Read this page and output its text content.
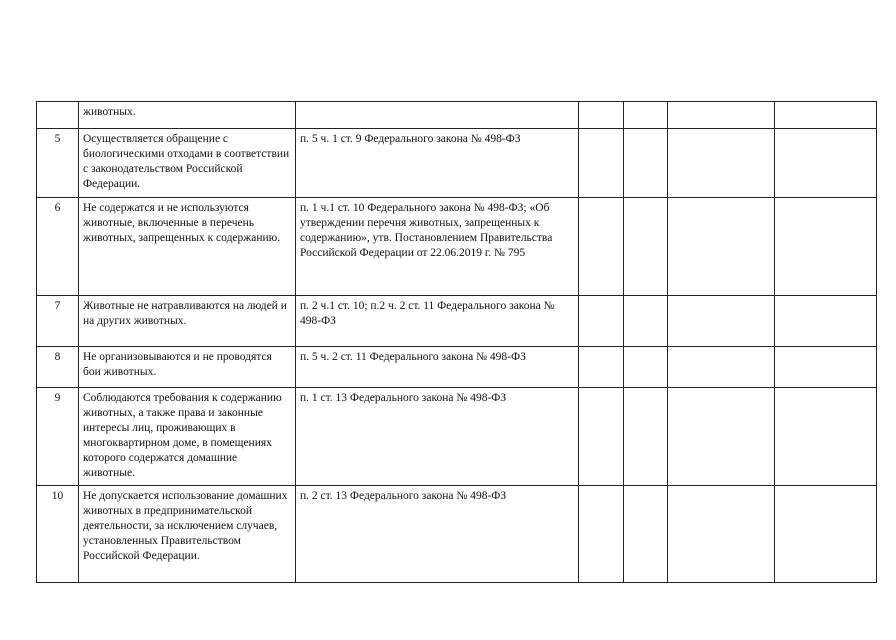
	животных.					
5	Осуществляется обращение с биологическими отходами в соответствии с законодательством Российской Федерации.	п. 5 ч. 1 ст. 9 Федерального закона № 498-ФЗ				
6	Не содержатся и не используются животные, включенные в перечень животных, запрещенных к содержанию.	п. 1 ч.1 ст. 10 Федерального закона № 498-ФЗ; «Об утверждении перечня животных, запрещенных к содержанию», утв. Постановлением Правительства Российской Федерации от 22.06.2019 г. № 795				
7	Животные не натравливаются на людей и на других животных.	п. 2 ч.1 ст. 10; п.2 ч. 2 ст. 11 Федерального закона № 498-ФЗ				
8	Не организовываются и не проводятся бои животных.	п. 5 ч. 2 ст. 11 Федерального закона № 498-ФЗ				
9	Соблюдаются требования к содержанию животных, а также права и законные интересы лиц, проживающих в многоквартирном доме, в помещениях которого содержатся домашние животные.	п. 1 ст. 13 Федерального закона № 498-ФЗ				
10	Не допускается использование домашних животных в предпринимательской деятельности, за исключением случаев, установленных Правительством Российской Федерации.	п. 2 ст. 13 Федерального закона № 498-ФЗ				
